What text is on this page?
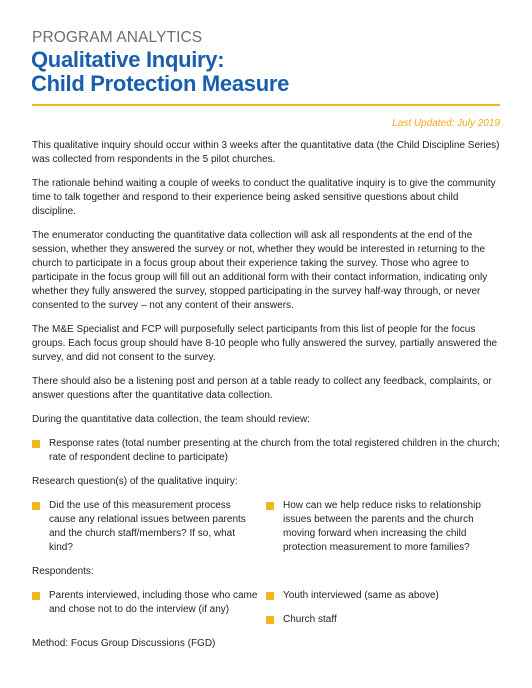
PROGRAM ANALYTICS
Qualitative Inquiry:
Child Protection Measure
Last Updated: July 2019

This qualitative inquiry should occur within 3 weeks after the quantitative data (the Child Discipline Series) was collected from respondents in the 5 pilot churches.

The rationale behind waiting a couple of weeks to conduct the qualitative inquiry is to give the community time to talk together and respond to their experience being asked sensitive questions about child discipline.

The enumerator conducting the quantitative data collection will ask all respondents at the end of the session, whether they answered the survey or not, whether they would be interested in returning to the church to participate in a focus group about their experience taking the survey. Those who agree to participate in the focus group will fill out an additional form with their contact information, indicating only whether they fully answered the survey, stopped participating in the survey half-way through, or never consented to the survey – not any content of their answers.

The M&E Specialist and FCP will purposefully select participants from this list of people for the focus groups. Each focus group should have 8-10 people who fully answered the survey, partially answered the survey, and did not consent to the survey.

There should also be a listening post and person at a table ready to collect any feedback, complaints, or answer questions after the quantitative data collection.

During the quantitative data collection, the team should review:

Response rates (total number presenting at the church from the total registered children in the church; rate of respondent decline to participate)

Research question(s) of the qualitative inquiry:

Did the use of this measurement process cause any relational issues between parents and the church staff/members? If so, what kind?
How can we help reduce risks to relationship issues between the parents and the church moving forward when increasing the child protection measurement to more families?

Respondents:

Parents interviewed, including those who came and chose not to do the interview (if any)
Youth interviewed (same as above)
Church staff

Method: Focus Group Discussions (FGD)
